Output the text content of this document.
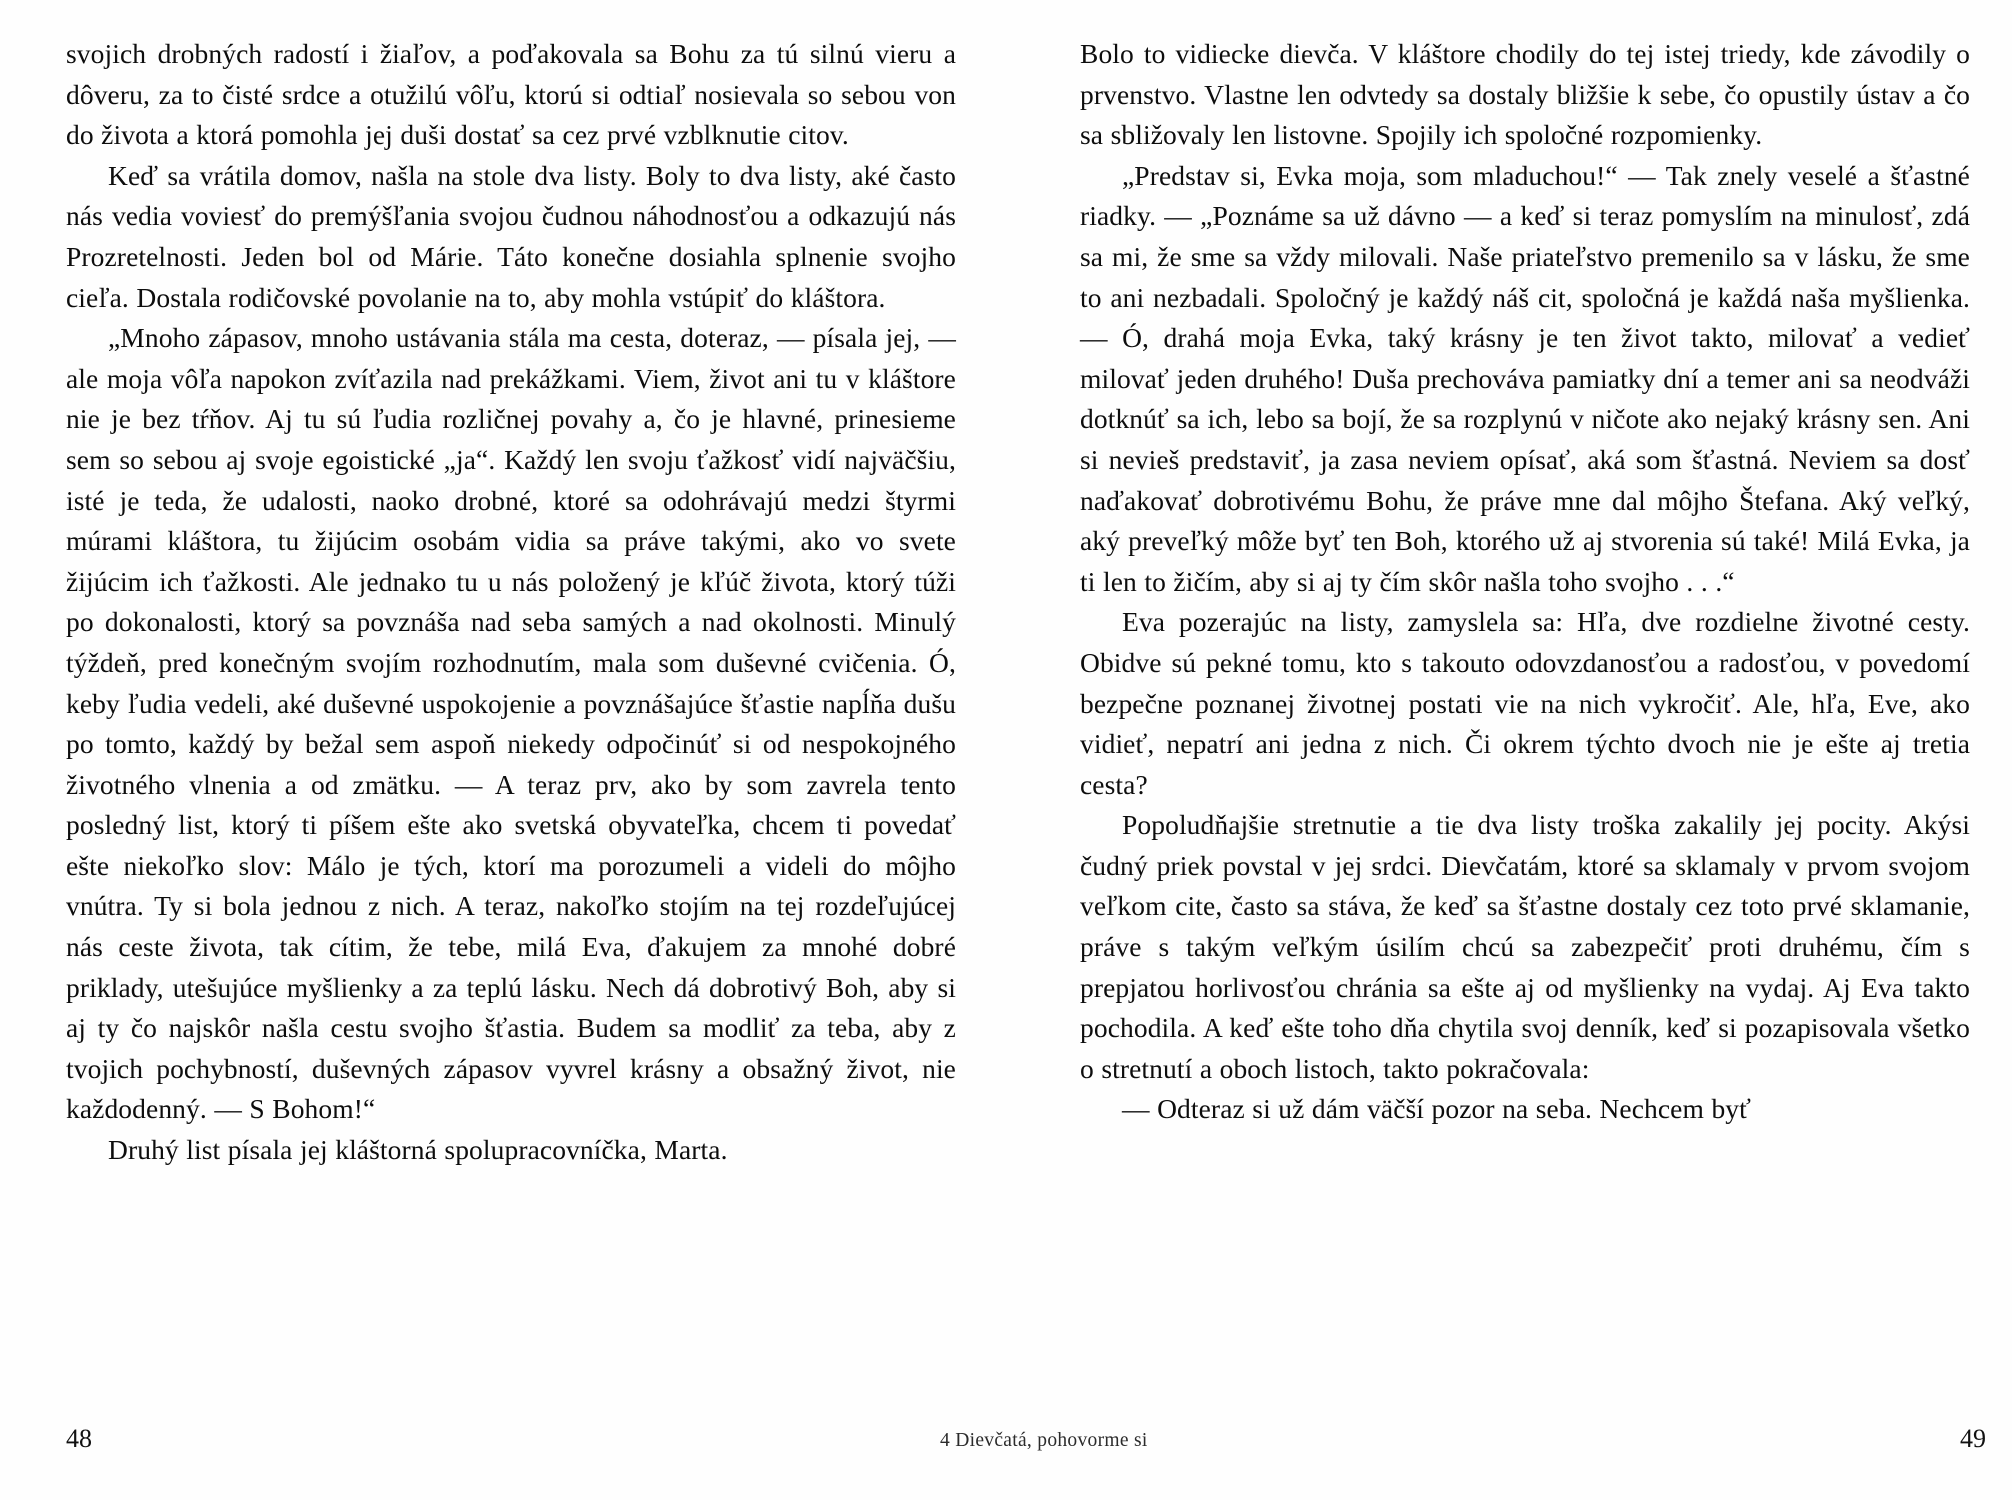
svojich drobných radostí i žiaľov, a poďakovala sa Bohu za tú silnú vieru a dôveru, za to čisté srdce a otužilú vôľu, ktorú si odtiaľ nosievala so sebou von do života a ktorá pomohla jej duši dostať sa cez prvé vzblknutie citov.

Keď sa vrátila domov, našla na stole dva listy. Boly to dva listy, aké často nás vedia voviesť do premýšľania svojou čudnou náhodnosťou a odkazujú nás Prozretelnosti. Jeden bol od Márie. Táto konečne dosiahla splnenie svojho cieľa. Dostala rodičovské povolanie na to, aby mohla vstúpiť do kláštora.

„Mnoho zápasov, mnoho ustávania stála ma cesta, doteraz, — písala jej, — ale moja vôľa napokon zvíťazila nad prekážkami. Viem, život ani tu v kláštore nie je bez tŕňov. Aj tu sú ľudia rozličnej povahy a, čo je hlavné, prinesieme sem so sebou aj svoje egoistické „ja“. Každý len svoju ťažkosť vidí najväčšiu, isté je teda, že udalosti, naoko drobné, ktoré sa odohrávajú medzi štyrmi múrami kláštora, tu žijúcim osobám vidia sa práve takými, ako vo svete žijúcim ich ťažkosti. Ale jednako tu u nás položený je kľúč života, ktorý túži po dokonalosti, ktorý sa povznáša nad seba samých a nad okolnosti. Minulý týždeň, pred konečným svojím rozhodnutím, mala som duševné cvičenia. Ó, keby ľudia vedeli, aké duševné uspokojenie a povznášajúce šťastie napĺňa dušu po tomto, každý by bežal sem aspoň niekedy odpočinúť si od nespokojného životného vlnenia a od zmätku. — A teraz prv, ako by som zavrela tento posledný list, ktorý ti píšem ešte ako svetská obyvateľka, chcem ti povedať ešte niekoľko slov: Málo je tých, ktorí ma porozumeli a videli do môjho vnútra. Ty si bola jednou z nich. A teraz, nakoľko stojím na tej rozdeľujúcej nás ceste života, tak cítim, že tebe, milá Eva, ďakujem za mnohé dobré priklady, utešujúce myšlienky a za teplú lásku. Nech dá dobrotivý Boh, aby si aj ty čo najskôr našla cestu svojho šťastia. Budem sa modliť za teba, aby z tvojich pochybností, duševných zápasov vyvrel krásny a obsažný život, nie každodenný. — S Bohom!“

Druhý list písala jej kláštorná spolupracovníčka, Marta.

48

Bolo to vidiecke dievča. V kláštore chodily do tej istej triedy, kde závodily o prvenstvo. Vlastne len odvtedy sa dostaly bližšie k sebe, čo opustily ústav a čo sa sbližovaly len listovne. Spojily ich spoločné rozpomienky.

„Predstav si, Evka moja, som mladuchou!“ — Tak znely veselé a šťastné riadky. — „Poznáme sa už dávno — a keď si teraz pomyslím na minulosť, zdá sa mi, že sme sa vždy milovali. Naše priateľstvo premenilo sa v lásku, že sme to ani nezbadali. Spoločný je každý náš cit, spoločná je každá naša myšlienka. — Ó, drahá moja Evka, taký krásny je ten život takto, milovať a vedieť milovať jeden druhého! Duša prechováva pamiatky dní a temer ani sa neodváži dotknúť sa ich, lebo sa bojí, že sa rozplynú v ničote ako nejaký krásny sen. Ani si nevieš predstaviť, ja zasa neviem opísať, aká som šťastná. Neviem sa dosť naďakovať dobrotivému Bohu, že práve mne dal môjho Štefana. Aký veľký, aký preveľký môže byť ten Boh, ktorého už aj stvorenia sú také! Milá Evka, ja ti len to žičím, aby si aj ty čím skôr našla toho svojho . . .“

Eva pozerajúc na listy, zamyslela sa: Hľa, dve rozdielne životné cesty. Obidve sú pekné tomu, kto s takouto odovzdanosťou a radosťou, v povedomí bezpečne poznanej životnej postati vie na nich vykročiť. Ale, hľa, Eve, ako vidieť, nepatrí ani jedna z nich. Či okrem týchto dvoch nie je ešte aj tretia cesta?

Popoludňajšie stretnutie a tie dva listy troška zakalily jej pocity. Akýsi čudný priek povstal v jej srdci. Dievčatám, ktoré sa sklamaly v prvom svojom veľkom cite, často sa stáva, že keď sa šťastne dostaly cez toto prvé sklamanie, práve s takým veľkým úsilím chcú sa zabezpečiť proti druhému, čím s prepjatou horlivosťou chránia sa ešte aj od myšlienky na vydaj. Aj Eva takto pochodila. A keď ešte toho dňa chytila svoj denník, keď si pozapisovala všetko o stretnutí a oboch listoch, takto pokračovala:

— Odteraz si už dám väčší pozor na seba. Nechcem byť

4 Dievčatá, pohovorme si	49
